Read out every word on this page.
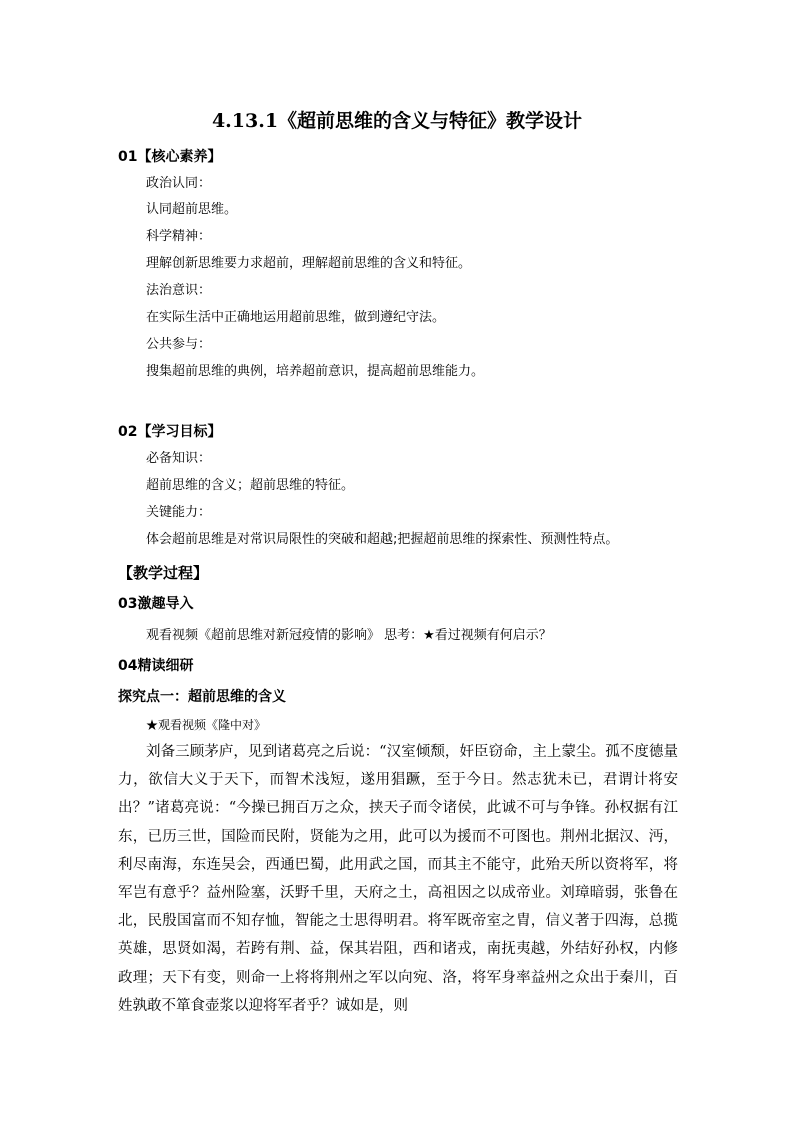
4.13.1《超前思维的含义与特征》教学设计
01【核心素养】
政治认同：
认同超前思维。
科学精神：
理解创新思维要力求超前，理解超前思维的含义和特征。
法治意识：
在实际生活中正确地运用超前思维，做到遵纪守法。
公共参与：
搜集超前思维的典例，培养超前意识，提高超前思维能力。
02【学习目标】
必备知识：
超前思维的含义；超前思维的特征。
关键能力：
体会超前思维是对常识局限性的突破和超越;把握超前思维的探索性、预测性特点。
【教学过程】
03激趣导入
观看视频《超前思维对新冠疫情的影响》 思考：★看过视频有何启示？
04精读细研
探究点一：超前思维的含义
★观看视频《隆中对》

刘备三顾茅庐，见到诸葛亮之后说：“汉室倾颓，奸臣窃命，主上蒙尘。孤不度德量力，欲信大义于天下，而智术浅短，遂用猖蹶，至于今日。然志犹未已，君谓计将安出？”诸葛亮说：“今操已拥百万之众，挟天子而令诸侯，此诚不可与争锋。孙权据有江东，已历三世，国险而民附，贤能为之用，此可以为援而不可图也。荆州北据汉、沔，利尽南海，东连吴会，西通巴蜀，此用武之国，而其主不能守，此殆天所以资将军，将军岂有意乎？益州险塞，沃野千里，天府之土，高祖因之以成帝业。刘璋暗弱，张鲁在北，民殷国富而不知存恤，智能之士思得明君。将军既帝室之胄，信义著于四海，总揽英雄，思贤如渴，若跨有荆、益，保其岩阻，西和诸戎，南抚夷越，外结好孙权，内修政理；天下有变，则命一上将将荆州之军以向宛、洛，将军身率益州之众出于秦川，百姓孰敢不箪食壶浆以迎将军者乎？诚如是，则
